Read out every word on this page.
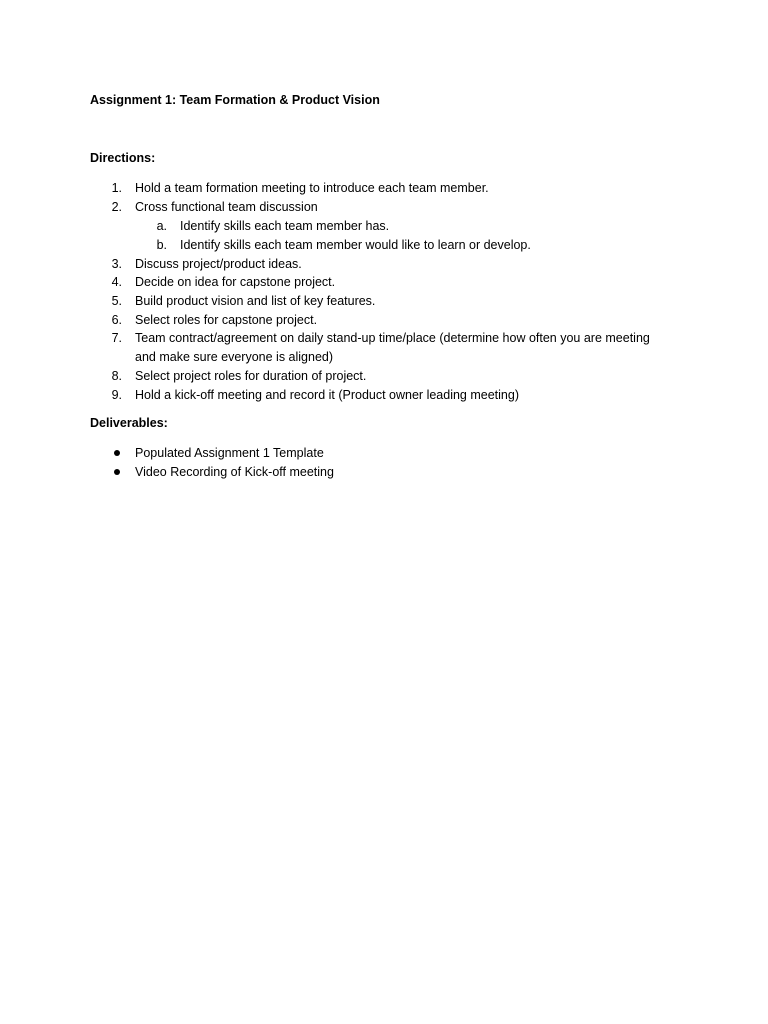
Assignment 1: Team Formation & Product Vision
Directions:
1. Hold a team formation meeting to introduce each team member.
2. Cross functional team discussion
a. Identify skills each team member has.
b. Identify skills each team member would like to learn or develop.
3. Discuss project/product ideas.
4. Decide on idea for capstone project.
5. Build product vision and list of key features.
6. Select roles for capstone project.
7. Team contract/agreement on daily stand-up time/place (determine how often you are meeting
and make sure everyone is aligned)
8. Select project roles for duration of project.
9. Hold a kick-off meeting and record it (Product owner leading meeting)
Deliverables:
Populated Assignment 1 Template
Video Recording of Kick-off meeting
